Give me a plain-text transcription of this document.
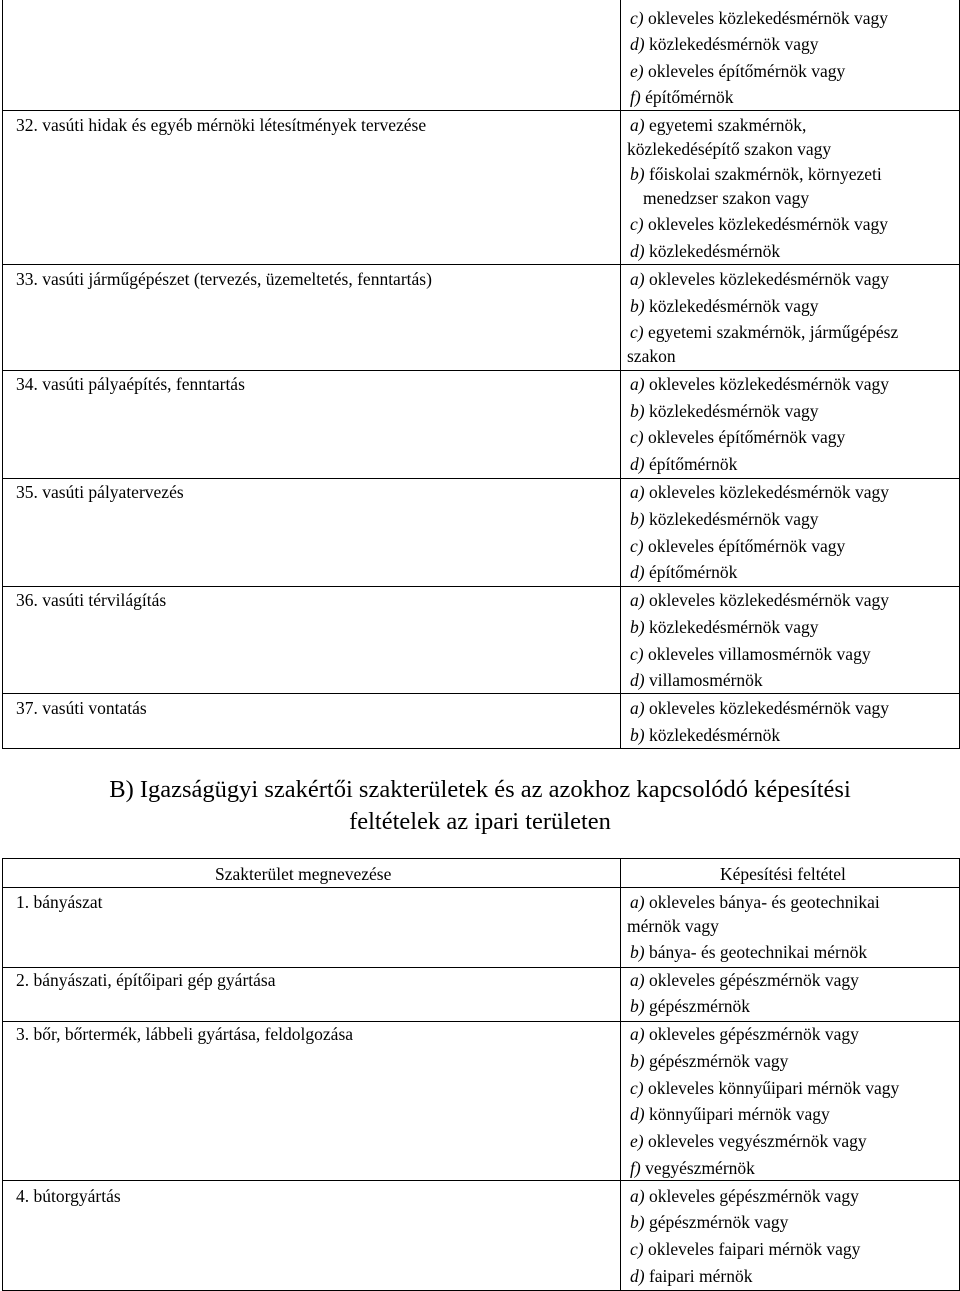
c) okleveles közlekedésmérnök vagy
d) közlekedésmérnök vagy
e) okleveles építőmérnök vagy
f) építőmérnök
32. vasúti hidak és egyéb mérnöki létesítmények tervezése	a) egyetemi szakmérnök,
közlekedésépítő szakon vagy
b) főiskolai szakmérnök, környezeti
menedzser szakon vagy
c) okleveles közlekedésmérnök vagy
d) közlekedésmérnök
33. vasúti járműgépészet (tervezés, üzemeltetés, fenntartás)	a) okleveles közlekedésmérnök vagy
b) közlekedésmérnök vagy
c) egyetemi szakmérnök, járműgépész
szakon
34. vasúti pályaépítés, fenntartás	a) okleveles közlekedésmérnök vagy
b) közlekedésmérnök vagy
c) okleveles építőmérnök vagy
d) építőmérnök
35. vasúti pályatervezés	a) okleveles közlekedésmérnök vagy
b) közlekedésmérnök vagy
c) okleveles építőmérnök vagy
d) építőmérnök
36. vasúti térvilágítás	a) okleveles közlekedésmérnök vagy
b) közlekedésmérnök vagy
c) okleveles villamosmérnök vagy
d) villamosmérnök
37. vasúti vontatás	a) okleveles közlekedésmérnök vagy
b) közlekedésmérnök
B) Igazságügyi szakértői szakterületek és az azokhoz kapcsolódó képesítési
feltételek az ipari területen
Szakterület megnevezése	Képesítési feltétel
1. bányászat	a) okleveles bánya- és geotechnikai
mérnök vagy
b) bánya- és geotechnikai mérnök
2. bányászati, építőipari gép gyártása	a) okleveles gépészmérnök vagy
b) gépészmérnök
3. bőr, bőrtermék, lábbeli gyártása, feldolgozása	a) okleveles gépészmérnök vagy
b) gépészmérnök vagy
c) okleveles könnyűipari mérnök vagy
d) könnyűipari mérnök vagy
e) okleveles vegyészmérnök vagy
f) vegyészmérnök
4. bútorgyártás	a) okleveles gépészmérnök vagy
b) gépészmérnök vagy
c) okleveles faipari mérnök vagy
d) faipari mérnök
